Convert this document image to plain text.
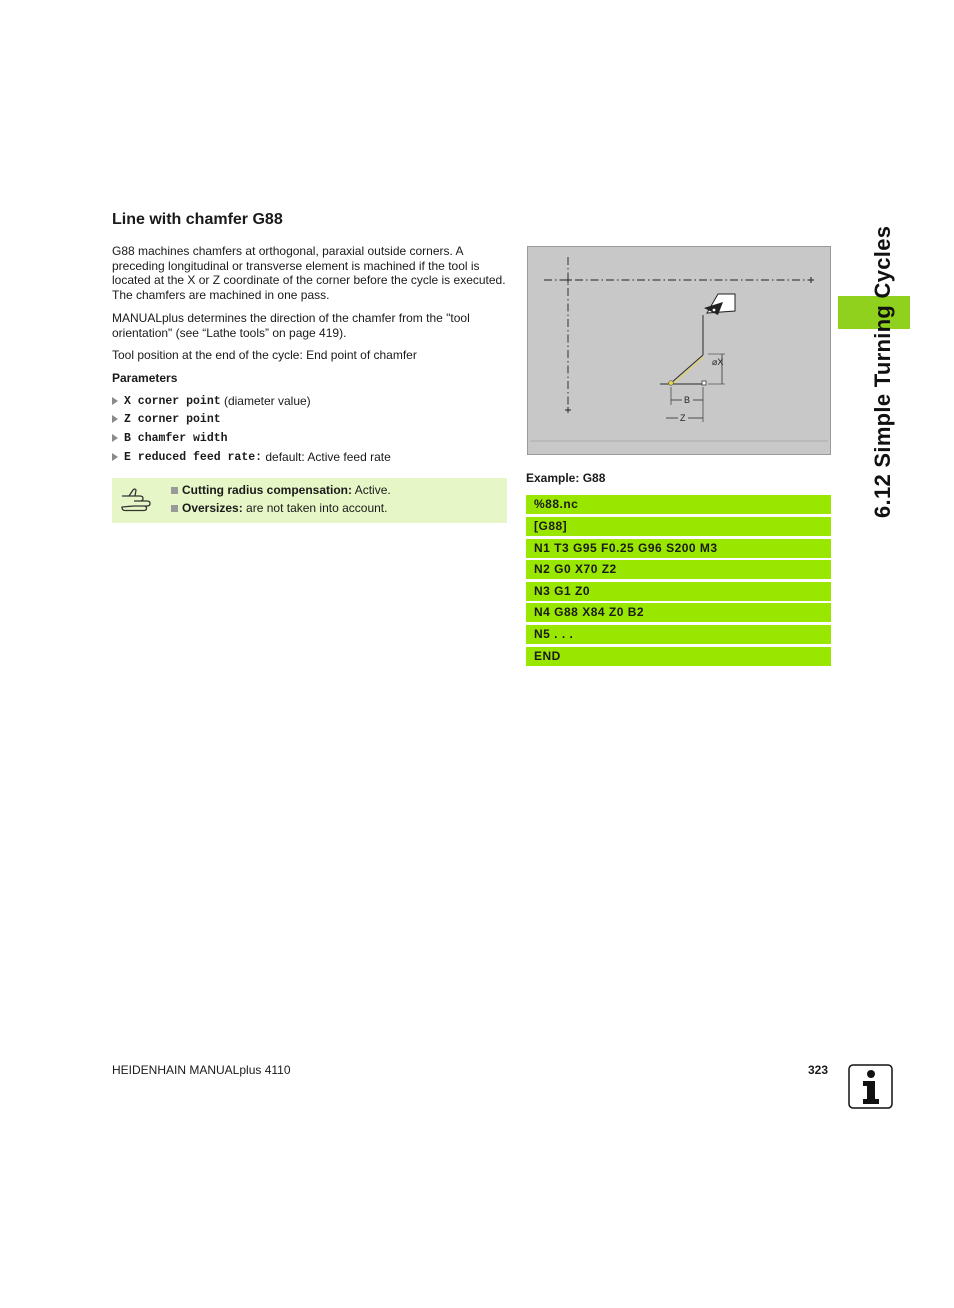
Line with chamfer G88

G88 machines chamfers at orthogonal, paraxial outside corners. A preceding longitudinal or transverse element is machined if the tool is located at the X or Z coordinate of the corner before the cycle is executed. The chamfers are machined in one pass.

MANUALplus determines the direction of the chamfer from the "tool orientation" (see “Lathe tools” on page 419).

Tool position at the end of the cycle: End point of chamfer

Parameters
X corner point (diameter value)
Z corner point
B chamfer width
E reduced feed rate: default: Active feed rate
Cutting radius compensation: Active.
Oversizes: are not taken into account.
⌀X
B
Z
Example: G88
%88.nc
[G88]
N1 T3 G95 F0.25 G96 S200 M3
N2 G0 X70 Z2
N3 G1 Z0
N4 G88 X84 Z0 B2
N5 . . .
END
6.12 Simple Turning Cycles
HEIDENHAIN MANUALplus 4110	323
